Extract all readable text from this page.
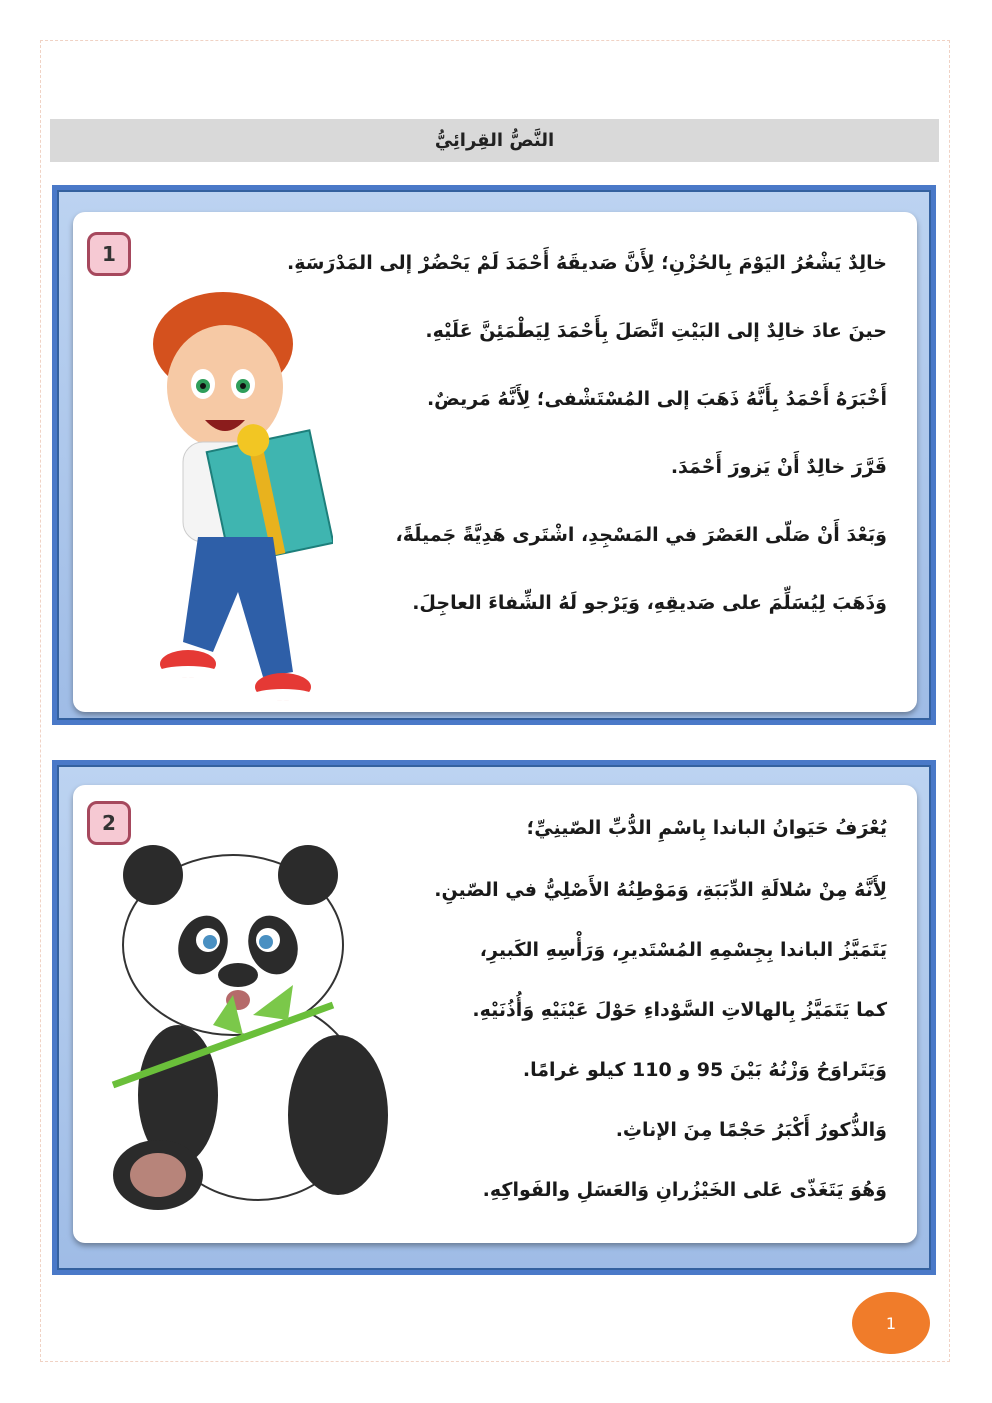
النَّصُّ القِرائِيُّ
1	خالِدٌ يَشْعُرُ اليَوْمَ بِالحُزْنِ؛ لِأَنَّ صَديقَهُ أَحْمَدَ لَمْ يَحْضُرْ إلى المَدْرَسَةِ.
حينَ عادَ خالِدٌ إلى البَيْتِ اتَّصَلَ بِأَحْمَدَ لِيَطْمَئِنَّ عَلَيْهِ.
أَخْبَرَهُ أَحْمَدُ بِأَنَّهُ ذَهَبَ إلى المُسْتَشْفى؛ لِأَنَّهُ مَريضٌ.
قَرَّرَ خالِدٌ أَنْ يَزورَ أَحْمَدَ.
وَبَعْدَ أَنْ صَلّى العَصْرَ في المَسْجِدِ، اشْتَرى هَدِيَّةً جَميلَةً،
وَذَهَبَ لِيُسَلِّمَ على صَديقِهِ، وَيَرْجو لَهُ الشِّفاءَ العاجِلَ.
2	يُعْرَفُ حَيَوانُ الباندا بِاسْمِ الدُّبِّ الصّينِيِّ؛
لِأَنَّهُ مِنْ سُلالَةِ الدِّبَبَةِ، وَمَوْطِنُهُ الأَصْلِيُّ في الصّينِ.
يَتَمَيَّزُ الباندا بِجِسْمِهِ المُسْتَديرِ، وَرَأْسِهِ الكَبيرِ،
كما يَتَمَيَّزُ بِالهالاتِ السَّوْداءِ حَوْلَ عَيْنَيْهِ وَأُذُنَيْهِ.
وَيَتَراوَحُ وَزْنُهُ بَيْنَ 95 و 110 كيلو غرامًا.
وَالذُّكورُ أَكْبَرُ حَجْمًا مِنَ الإناثِ.
وَهُوَ يَتَغَذّى عَلى الخَيْزُرانِ وَالعَسَلِ والفَواكِهِ.
1
